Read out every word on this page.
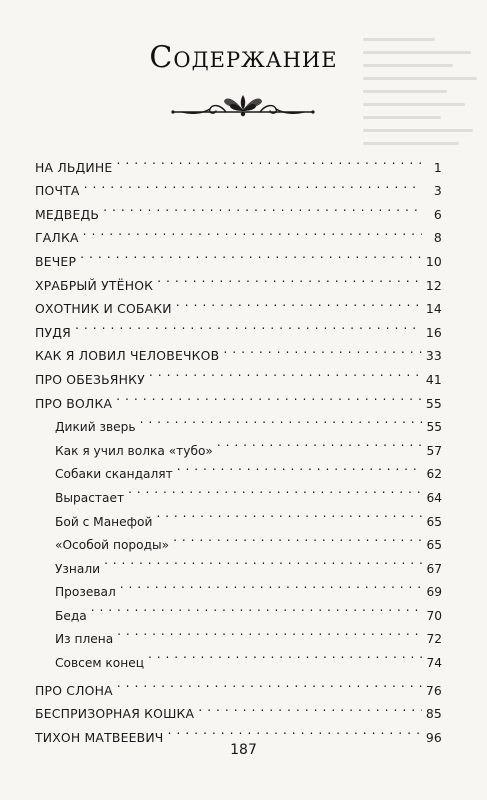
Содержание
НА ЛЬДИНЕ . . .	1
ПОЧТА . . .	3
МЕДВЕДЬ . . .	6
ГАЛКА . . .	8
ВЕЧЕР . . .	10
ХРАБРЫЙ УТЁНОК . . .	12
ОХОТНИК И СОБАКИ . . .	14
ПУДЯ . . .	16
КАК Я ЛОВИЛ ЧЕЛОВЕЧКОВ . . .	33
ПРО ОБЕЗЬЯНКУ . . .	41
ПРО ВОЛКА . . .	55
Дикий зверь . . .	55
Как я учил волка «тубо» . . .	57
Собаки скандалят . . .	62
Вырастает . . .	64
Бой с Манефой . . .	65
«Особой породы» . . .	65
Узнали . . .	67
Прозевал . . .	69
Беда . . .	70
Из плена . . .	72
Совсем конец . . .	74
ПРО СЛОНА . . .	76
БЕСПРИЗОРНАЯ КОШКА . . .	85
ТИХОН МАТВЕЕВИЧ . . .	96
187
